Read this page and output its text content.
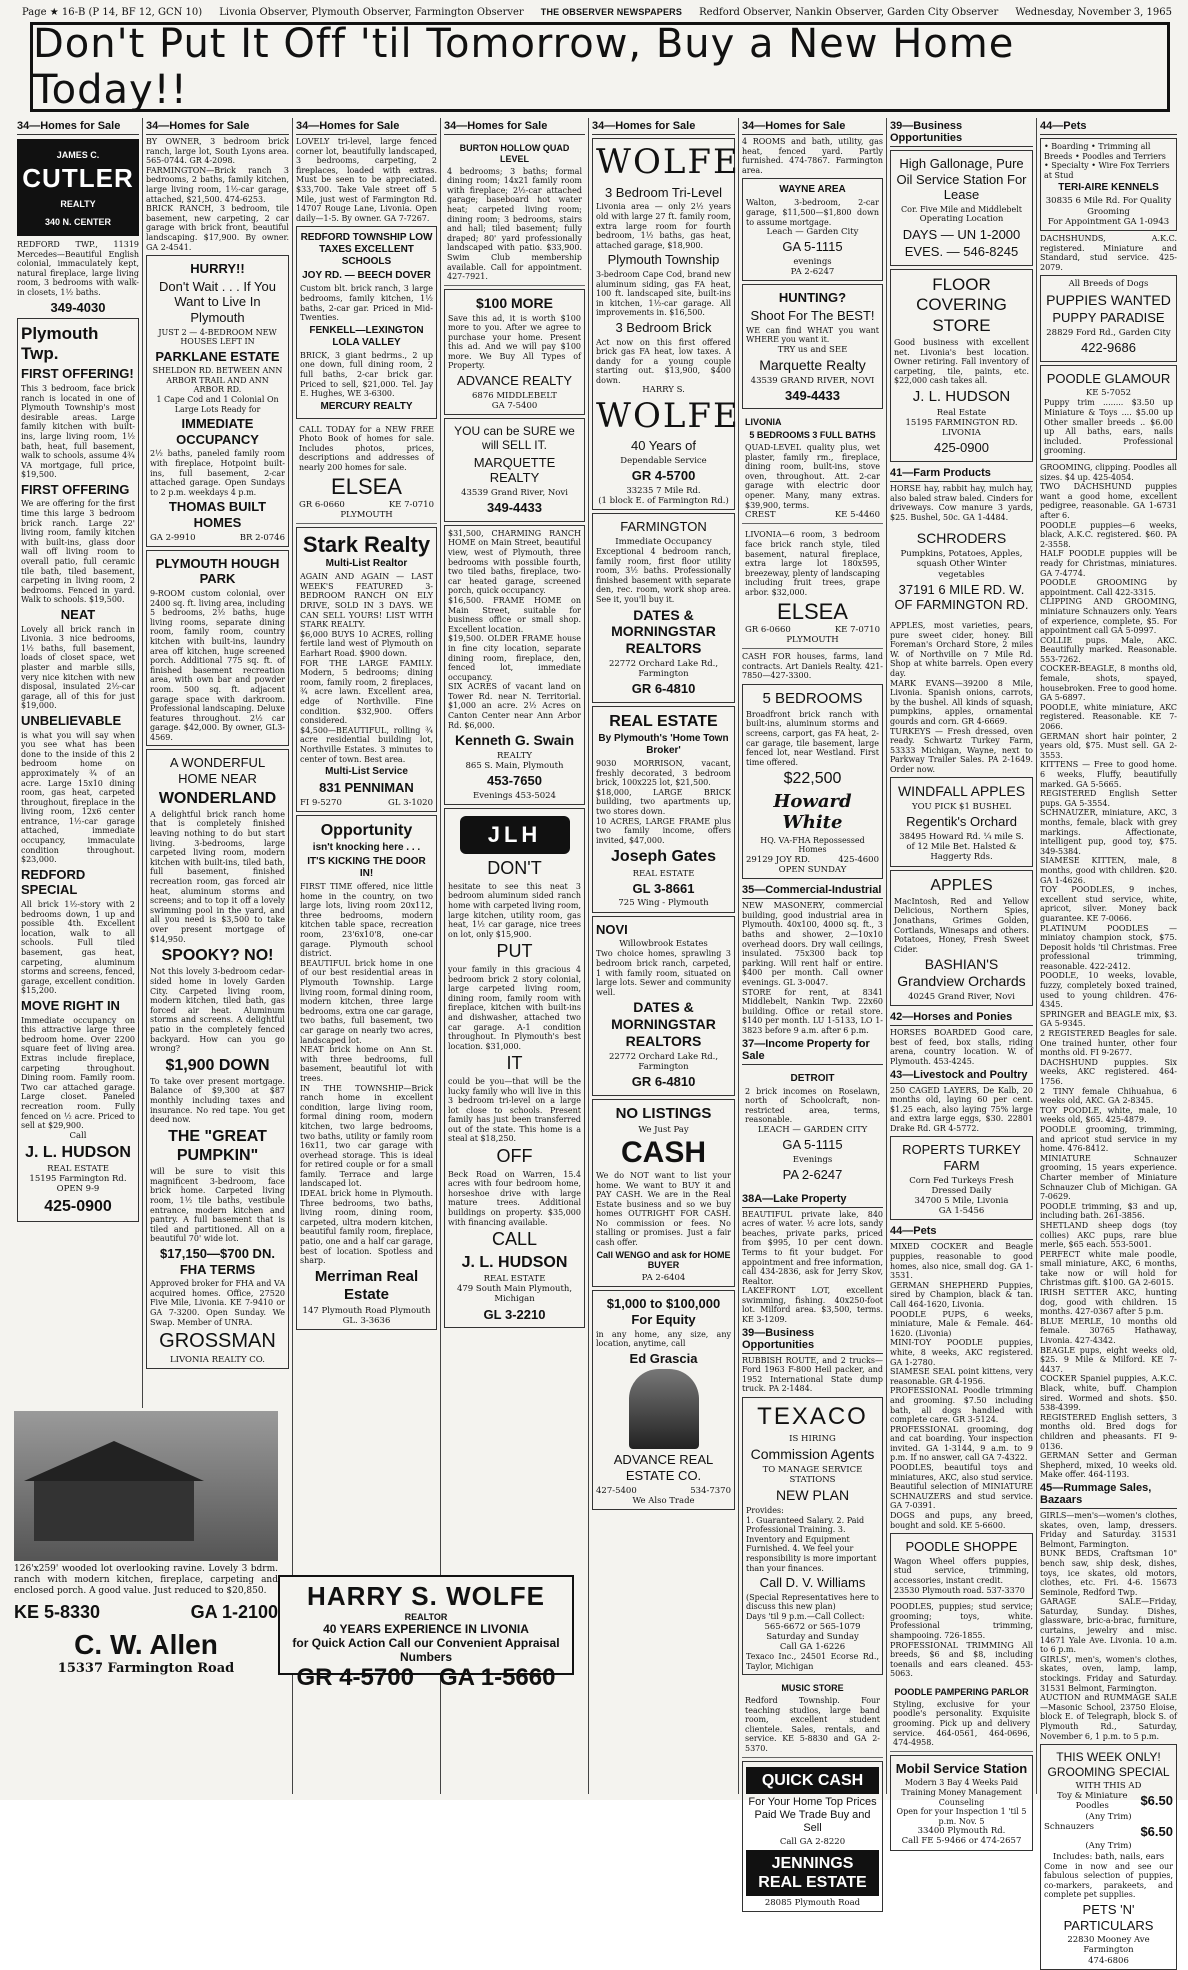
Page ★ 16-B (P 14, BF 12, GCN 10) Livonia Observer, Plymouth Observer, Farmington Observer THE OBSERVER NEWSPAPERS Redford Observer, Nankin Observer, Garden City Observer Wednesday, November 3, 1965
Don't Put It Off 'til Tomorrow, Buy a New Home Today!!
34—Homes for Sale
JAMES C.
CUTLER
REALTY
340 N. CENTER
REDFORD TWP., 11319 Mercedes—Beautiful English colonial, immaculately kept, natural fireplace, large living room, 3 bedrooms with walk-in closets, 1½ baths.
349-4030
Plymouth Twp.
FIRST OFFERING!
This 3 bedroom, face brick ranch is located in one of Plymouth Township's most desirable areas. Large family kitchen with built-ins, large living room, 1½ bath, heat, full basement, walk to schools, assume 4¾ VA mortgage, full price, $19,500.
FIRST OFFERING
We are offering for the first time this large 3 bedroom brick ranch. Large 22' living room, family kitchen with built-ins, glass door wall off living room to overall patio, full ceramic tile bath, tiled basement, carpeting in living room, 2 bedrooms. Fenced in yard. Walk to schools. $19,500.
NEAT
Lovely all brick ranch in Livonia. 3 nice bedrooms, 1½ baths, full basement, loads of closet space, wet plaster and marble sills, very nice kitchen with new disposal, insulated 2½-car garage, all of this for just $19,000.
UNBELIEVABLE
is what you will say when you see what has been done to the inside of this 2 bedroom home on approximately ¾ of an acre. Large 15x10 dining room, gas heat, carpeted throughout, fireplace in the living room, 12x6 center entrance, 1½-car garage attached, immediate occupancy, immaculate condition throughout. $23,000.
REDFORD SPECIAL
All brick 1½-story with 2 bedrooms down, 1 up and possible 4th. Excellent location, walk to all schools. Full tiled basement, gas heat, carpeting, aluminum storms and screens, fenced, garage, excellent condition. $15,200.
MOVE RIGHT IN
Immediate occupancy on this attractive large three bedroom home. Over 2200 square feet of living area. Extras include fireplace, carpeting throughout. Dining room. Family room. Two car attached garage. Large closet. Paneled recreation room. Fully fenced on ½ acre. Priced to sell at $29,900.
Call
J. L. HUDSON
REAL ESTATE
15195 Farmington Rd.
OPEN 9-9
425-0900
34—Homes for Sale
BY OWNER, 3 bedroom brick ranch, large lot, South Lyons area. 565-0744. GR 4-2098.
FARMINGTON—Brick ranch 3 bedrooms, 2 baths, family kitchen, large living room, 1½-car garage, attached, $21,500. 474-6253.
BRICK RANCH, 3 bedroom, tile basement, new carpeting, 2 car garage with brick front, beautiful landscaping. $17,900. By owner. GA 2-4541.
HURRY!!
Don't Wait . . . If You Want to Live In Plymouth
JUST 2 — 4-BEDROOM NEW HOUSES LEFT IN
PARKLANE ESTATE
SHELDON RD. BETWEEN ANN ARBOR TRAIL AND ANN ARBOR RD.
1 Cape Cod and 1 Colonial On Large Lots Ready for
IMMEDIATE OCCUPANCY
2½ baths, paneled family room with fireplace, Hotpoint built-ins, full basement, 2-car attached garage. Open Sundays to 2 p.m. weekdays 4 p.m.
THOMAS BUILT HOMES
GA 2-9910	BR 2-0746
PLYMOUTH HOUGH PARK
9-ROOM custom colonial, over 2400 sq. ft. living area, including 5 bedrooms, 2½ baths, huge living rooms, separate dining room, family room, country kitchen with built-ins, laundry area off kitchen, huge screened porch. Additional 775 sq. ft. of finished basement recreation area, with own bar and powder room. 500 sq. ft. adjacent garage space with darkroom. Professional landscaping. Deluxe features throughout. 2½ car garage. $42,000. By owner, GL3-4569.
A WONDERFUL HOME NEAR
WONDERLAND
A delightful brick ranch home that is completely finished leaving nothing to do but start living. 3-bedrooms, large carpeted living room, modern kitchen with built-ins, tiled bath, full basement, finished recreation room, gas forced air heat, aluminum storms and screens; and to top it off a lovely swimming pool in the yard, and all you need is $3,500 to take over present mortgage of $14,950.
SPOOKY? NO!
Not this lovely 3-bedroom cedar-sided home in lovely Garden City. Carpeted living room, modern kitchen, tiled bath, gas forced air heat. Aluminum storms and screens. A delightful patio in the completely fenced backyard. How can you go wrong?
$1,900 DOWN
To take over present mortgage. Balance of $9,300 at $87 monthly including taxes and insurance. No red tape. You get deed now.
THE "GREAT PUMPKIN"
will be sure to visit this magnificent 3-bedroom, face brick home. Carpeted living room, 1½ tile baths, vestibule entrance, modern kitchen and pantry. A full basement that is tiled and partitioned. All on a beautiful 70' wide lot.
$17,150—$700 DN. FHA TERMS
Approved broker for FHA and VA acquired homes. Office, 27520 Five Mile, Livonia. KE 7-9410 or GA 7-3200. Open Sunday. We Swap. Member of UNRA.
GROSSMAN
LIVONIA REALTY CO.
34—Homes for Sale
LOVELY tri-level, large fenced corner lot, beautifully landscaped, 3 bedrooms, carpeting, 2 fireplaces, loaded with extras. Must be seen to be appreciated. $33,700. Take Vale street off 5 Mile, just west of Farmington Rd. 14707 Rouge Lane, Livonia. Open daily—1-5. By owner. GA 7-7267.
REDFORD TOWNSHIP LOW TAXES EXCELLENT SCHOOLS
JOY RD. — BEECH DOVER
Custom blt. brick ranch, 3 large bedrooms, family kitchen, 1½ baths, 2-car gar. Priced in Mid-Twenties.
FENKELL—LEXINGTON LOLA VALLEY
BRICK, 3 giant bedrms., 2 up one down, full dining room, 2 full baths, 2-car brick gar. Priced to sell, $21,000. Tel. Jay E. Hughes, WE 3-6300.
MERCURY REALTY
CALL TODAY for a NEW FREE Photo Book of homes for sale. Includes photos, prices, descriptions and addresses of nearly 200 homes for sale.
ELSEA
GR 6-0660	KE 7-0710
PLYMOUTH
Stark Realty
Multi-List Realtor
AGAIN AND AGAIN — LAST WEEK'S FEATURED 3-BEDROOM RANCH ON ELY DRIVE, SOLD IN 3 DAYS. WE CAN SELL YOURS! LIST WITH STARK REALTY.
$6,000 BUYS 10 ACRES, rolling fertile land west of Plymouth on Earhart Road. $900 down.
FOR THE LARGE FAMILY. Modern, 5 bedrooms; dining room, family room, 2 fireplaces, ¾ acre lawn. Excellent area, edge of Northville. Fine condition. $32,900. Offers considered.
$4,500—BEAUTIFUL, rolling ¾ acre residential building lot, Northville Estates. 3 minutes to center of town. Best area.
Multi-List Service
831 PENNIMAN
FI 9-5270	GL 3-1020
Opportunity
isn't knocking here . . .
IT'S KICKING THE DOOR IN!
FIRST TIME offered, nice little home in the country, on two large lots, living room 20x112, three bedrooms, modern kitchen table space, recreation room, 23'6x10'8, one-car garage. Plymouth school district.
BEAUTIFUL brick home in one of our best residential areas in Plymouth Township. Large living room, formal dining room, modern kitchen, three large bedrooms, extra one car garage, two baths, full basement, two car garage on nearly two acres, landscaped lot.
NEAT brick home on Ann St. with three bedrooms, full basement, beautiful lot with trees.
IN THE TOWNSHIP—Brick ranch home in excellent condition, large living room, formal dining room, modern kitchen, two large bedrooms, two baths, utility or family room 16x11, two car garage with overhead storage. This is ideal for retired couple or for a small family. Terrace and large landscaped lot.
IDEAL brick home in Plymouth. Three bedrooms, two baths, living room, dining room, carpeted, ultra modern kitchen, beautiful family room, fireplace, patio, one and a half car garage, best of location. Spotless and sharp.
Merriman Real Estate
147 Plymouth Road Plymouth
GL. 3-3636
34—Homes for Sale
BURTON HOLLOW QUAD LEVEL
4 bedrooms; 3 baths; formal dining room; 14x21 family room with fireplace; 2½-car attached garage; baseboard hot water heat; carpeted living room; dining room; 3 bedrooms, stairs and hall; tiled basement; fully draped; 80' yard professionally landscaped with patio. $33,900. Swim Club membership available. Call for appointment. 427-7921.
$100 MORE
Save this ad, it is worth $100 more to you. After we agree to purchase your home. Present this ad. And we will pay $100 more. We Buy All Types of Property.
ADVANCE REALTY
6876 MIDDLEBELT
GA 7-5400
YOU can be SURE we will SELL IT.
MARQUETTE REALTY
43539 Grand River, Novi
349-4433
$31,500, CHARMING RANCH HOME on Main Street, beautiful view, west of Plymouth, three bedrooms with possible fourth, two tiled baths, fireplace, two-car heated garage, screened porch, quick occupancy.
$16,500. FRAME HOME on Main Street, suitable for business office or small shop. Excellent location.
$19,500. OLDER FRAME house in fine city location, separate dining room, fireplace, den, fenced lot, immediate occupancy.
SIX ACRES of vacant land on Tower Rd. near N. Territorial. $1,000 an acre. 2½ Acres on Canton Center near Ann Arbor Rd. $6,000.
Kenneth G. Swain
REALTY
865 S. Main, Plymouth
453-7650
Evenings 453-5024
JLH
DON'T
hesitate to see this neat 3 bedroom aluminum sided ranch home with carpeted living room, large kitchen, utility room, gas heat, 1½ car garage, nice trees on lot, only $15,900.
PUT
your family in this gracious 4 bedroom brick 2 story colonial, large carpeted living room, dining room, family room with fireplace, kitchen with built-ins and dishwasher, attached two car garage. A-1 condition throughout. In Plymouth's best location. $31,000.
IT
could be you—that will be the lucky family who will live in this 3 bedroom tri-level on a large lot close to schools. Present family has just been transferred out of the state. This home is a steal at $18,250.
OFF
Beck Road on Warren, 15.4 acres with four bedroom home, horseshoe drive with large mature trees. Additional buildings on property. $35,000 with financing available.
CALL
J. L. HUDSON
REAL ESTATE
479 South Main Plymouth, Michigan
GL 3-2210
34—Homes for Sale
WOLFE
3 Bedroom Tri-Level
Livonia area — only 2½ years old with large 27 ft. family room, extra large room for fourth bedroom, 1½ baths, gas heat, attached garage, $18,900.
Plymouth Township
3-bedroom Cape Cod, brand new aluminum siding, gas FA heat, 100 ft. landscaped site, built-ins in kitchen, 1½-car garage. All improvements in. $16,500.
3 Bedroom Brick
Act now on this first offered brick gas FA heat, low taxes. A dandy for a young couple starting out. $13,900, $400 down.
HARRY S.
WOLFE
40 Years of
Dependable Service
GR 4-5700
33235 7 Mile Rd.
(1 block E. of Farmington Rd.)
FARMINGTON
Immediate Occupancy
Exceptional 4 bedroom ranch, family room, first floor utility room, 3½ baths. Professionally finished basement with separate den, rec. room, work shop area. See it, you'll buy it.
DATES & MORNINGSTAR REALTORS
22772 Orchard Lake Rd., Farmington
GR 6-4810
REAL ESTATE
By Plymouth's 'Home Town Broker'
9030 MORRISON, vacant, freshly decorated, 3 bedroom brick, 100x225 lot, $21,500.
$18,000, LARGE BRICK building, two apartments up, two stores down.
10 ACRES, LARGE FRAME plus two family income, offers invited, $47,000.
Joseph Gates
REAL ESTATE
GL 3-8661
725 Wing - Plymouth
NOVI
Willowbrook Estates
Two choice homes, sprawling 3 bedroom brick ranch, carpeted, 1 with family room, situated on large lots. Sewer and community well.
DATES & MORNINGSTAR REALTORS
22772 Orchard Lake Rd., Farmington
GR 6-4810
NO LISTINGS
We Just Pay
CASH
We do NOT want to list your home. We want to BUY it and PAY CASH. We are in the Real Estate business and so we buy homes OUTRIGHT FOR CASH. No commission or fees. No stalling or promises. Just a fair cash offer.
Call WENGO and ask for HOME BUYER
PA 2-6404
$1,000 to $100,000 For Equity
in any home, any size, any location, anytime, call
Ed Grascia
ADVANCE REAL ESTATE CO.
427-5400	534-7370
We Also Trade
34—Homes for Sale
4 ROOMS and bath, utility, gas heat, fenced yard. Partly furnished. 474-7867. Farmington area.
WAYNE AREA
Walton, 3-bedroom, 2-car garage, $11,500—$1,800 down to assume mortgage.
Leach — Garden City
GA 5-1115
evenings
PA 2-6247
HUNTING?
Shoot For The BEST!
WE can find WHAT you want WHERE you want it.
TRY us and SEE
Marquette Realty
43539 GRAND RIVER, NOVI
349-4433
LIVONIA
5 BEDROOMS 3 FULL BATHS
QUAD-LEVEL quality plus, wet plaster, family rm., fireplace, dining room, built-ins, stove oven, throughout. Att. 2-car garage with electric door opener. Many, many extras. $39,900, terms.
CREST	KE 5-4460
LIVONIA—6 room, 3 bedroom face brick ranch style, tiled basement, natural fireplace, extra large lot 180x595, breezeway, plenty of landscaping including fruit trees, grape arbor. $32,000.
ELSEA
GR 6-0660	KE 7-0710
PLYMOUTH
CASH FOR houses, farms, land contracts. Art Daniels Realty. 421-7850—427-3300.
5 BEDROOMS
Broadfront brick ranch with built-ins, aluminum storms and screens, carport, gas FA heat, 2-car garage, tile basement, large fenced lot, near Westland. First time offered.
$22,500
Howard White
HQ. VA-FHA Repossessed Homes
29129 JOY RD.	425-4600
OPEN SUNDAY
35—Commercial-Industrial
NEW MASONERY, commercial building, good industrial area in Plymouth. 40x100, 4000 sq. ft., 3 baths and shower, 2—10x10 overhead doors. Dry wall ceilings, insulated. 75x300 back top parking. Will rent half or entire. $400 per month. Call owner evenings. GL 3-0047.
STORE for rent, at 8341 Middlebelt, Nankin Twp. 22x60 building. Office or retail store. $140 per month. LU 1-5133, LO 1-3823 before 9 a.m. after 6 p.m.
37—Income Property for Sale
DETROIT
2 brick incomes on Roselawn, north of Schoolcraft, non-restricted area, terms, reasonable.
LEACH — GARDEN CITY
GA 5-1115
Evenings
PA 2-6247
38A—Lake Property
BEAUTIFUL private lake, 840 acres of water. ½ acre lots, sandy beaches, private parks, priced from $995, 10 per cent down. Terms to fit your budget. For appointment and free information, call 434-2836, ask for Jerry Skov, Realtor.
LAKEFRONT LOT, excellent swimming, fishing. 40x250-foot lot. Milford area. $3,500, terms. KE 3-1209.
39—Business Opportunities
RUBBISH ROUTE, and 2 trucks—Ford 1963 F-800 Heil packer, and 1952 International State dump truck. PA 2-1484.
TEXACO
IS HIRING
Commission Agents
TO MANAGE SERVICE STATIONS
NEW PLAN
Provides:
1. Guaranteed Salary. 2. Paid Professional Training. 3. Inventory and Equipment Furnished. 4. We feel your responsibility is more important than your finances.
Call D. V. Williams
(Special Representatives here to discuss this new plan)
Days 'til 9 p.m.—Call Collect:
565-6672 or 565-1079
Saturday and Sunday
Call GA 1-6226
Texaco Inc., 24501 Ecorse Rd., Taylor, Michigan
MUSIC STORE
Redford Township. Four teaching studios, large band room, excellent student clientele. Sales, rentals, and service. KE 5-8830 and GA 2-5370.
QUICK CASH
For Your Home Top Prices Paid We Trade Buy and Sell
Call GA 2-8220
JENNINGS REAL ESTATE
28085 Plymouth Road
39—Business Opportunities
High Gallonage, Pure Oil Service Station For Lease
Cor. Five Mile and Middlebelt
Operating Location
DAYS — UN 1-2000
EVES. — 546-8245
FLOOR COVERING STORE
Good business with excellent net. Livonia's best location. Owner retiring. Fall inventory of carpeting, tile, paints, etc. $22,000 cash takes all.
J. L. HUDSON
Real Estate
15195 FARMINGTON RD. LIVONIA
425-0900
41—Farm Products
HORSE hay, rabbit hay, mulch hay, also baled straw baled. Cinders for driveways. Cow manure 3 yards, $25. Bushel, 50c. GA 1-4484.
SCHRODERS
Pumpkins, Potatoes, Apples, squash Other Winter vegetables
37191 6 MILE RD. W. OF FARMINGTON RD.
APPLES, most varieties, pears, pure sweet cider, honey. Bill Foreman's Orchard Store, 2 miles W. of Northville on 7 Mile Rd. Shop at white barrels. Open every day.
MARK EVANS—39200 8 Mile, Livonia. Spanish onions, carrots, by the bushel. All kinds of squash, pumpkins, apples, ornamental gourds and corn. GR 4-6669.
TURKEYS — Fresh dressed, oven ready. Schwartz Turkey Farm, 53333 Michigan, Wayne, next to Parkway Trailer Sales. PA 2-1649. Order now.
WINDFALL APPLES
YOU PICK $1 BUSHEL
Regentik's Orchard
38495 Howard Rd. ¼ mile S. of 12 Mile Bet. Halsted & Haggerty Rds.
APPLES
MacIntosh, Red and Yellow Delicious, Northern Spies, Jonathans, Grimes Golden, Cortlands, Winesaps and others. Potatoes, Honey, Fresh Sweet Cider.
BASHIAN'S Grandview Orchards
40245 Grand River, Novi
42—Horses and Ponies
HORSES BOARDED Good care, best of feed, box stalls, riding arena, country location. W. of Plymouth. 453-4245.
43—Livestock and Poultry
250 CAGED LAYERS, De Kalb, 20 months old, laying 60 per cent. $1.25 each, also laying 75% large and extra large eggs, $30. 22801 Drake Rd. GR 4-5772.
ROPERTS TURKEY FARM
Corn Fed Turkeys Fresh Dressed Daily
34700 5 Mile, Livonia
GA 1-5456
44—Pets
MIXED COCKER and Beagle puppies, reasonable to good homes, also nice, small dog. GA 1-3531.
GERMAN SHEPHERD Puppies, sired by Champion, black & tan. Call 464-1620, Livonia.
POODLE PUPS, 6 weeks, miniature, Male & Female. 464-1620. (Livonia)
MINI-TOY POODLE puppies, white, 8 weeks, AKC registered. GA 1-2780.
SIAMESE SEAL point kittens, very reasonable. GR 4-1956.
PROFESSIONAL Poodle trimming and grooming. $7.50 including bath, all dogs handled with complete care. GR 3-5124.
PROFESSIONAL grooming, dog and cat boarding. Your inspection invited. GA 1-3144, 9 a.m. to 9 p.m. If no answer, call GA 7-4322.
POODLES, beautiful toys and miniatures, AKC, also stud service. Beautiful selection of MINIATURE SCHNAUZERS and stud service. GA 7-0391.
DOGS and pups, any breed, bought and sold. KE 5-6600.
POODLE SHOPPE
Wagon Wheel offers puppies, stud service, trimming, accessories, instant credit.
23530 Plymouth road. 537-3370
POODLES, puppies; stud service; grooming; toys, white. Professional trimming, shampooing. 726-1855.
PROFESSIONAL TRIMMING All breeds, $6 and $8, including toenails and ears cleaned. 453-5063.
POODLE PAMPERING PARLOR
Styling, exclusive for your poodle's personality. Exquisite grooming. Pick up and delivery service. 464-0561, 464-0696, 474-4958.
Mobil Service Station
Modern 3 Bay 4 Weeks Paid Training Money Management Counseling
Open for your Inspection 1 'til 5 p.m. Nov. 5
33400 Plymouth Rd.
Call FE 5-9466 or 474-2657
44—Pets
• Boarding • Trimming all Breeds • Poodles and Terriers • Specialty • Wire Fox Terriers at Stud
TERI-AIRE KENNELS
30835 6 Mile Rd. For Quality Grooming
For Appointment GA 1-0943
DACHSHUNDS, A.K.C. registered. Miniature and Standard, stud service. 425-2079.
All Breeds of Dogs
PUPPIES WANTED
PUPPY PARADISE
28829 Ford Rd., Garden City
422-9686
POODLE GLAMOUR
KE 5-7052
Puppy trim ........ $3.50 up Miniature & Toys .... $5.00 up Other smaller breeds .. $6.00 up All baths, ears, nails included. Professional grooming.
GROOMING, clipping. Poodles all sizes. $4 up. 425-4054.
TWO DACHSHUND puppies want a good home, excellent pedigree, reasonable. GA 1-6731 after 6.
POODLE puppies—6 weeks, black, A.K.C. registered. $60. PA 2-3558.
HALF POODLE puppies will be ready for Christmas, miniatures. GA 7-4774.
POODLE GROOMING by appointment. Call 422-3315.
CLIPPING AND GROOMING, miniature Schnauzers only. Years of experience, complete, $5. For appointment call GA 5-0997.
COLLIE pups. Male, AKC. Beautifully marked. Reasonable. 553-7262.
COCKER-BEAGLE, 8 months old, female, shots, spayed, housebroken. Free to good home. GA 5-6897.
POODLE, white miniature, AKC registered. Reasonable. KE 7-2066.
GERMAN short hair pointer, 2 years old, $75. Must sell. GA 2-3553.
KITTENS — Free to good home. 6 weeks, Fluffy, beautifully marked. GA 5-5665.
REGISTERED English Setter pups. GA 5-3554.
SCHNAUZER, miniature, AKC, 3 months, female, black with grey markings. Affectionate, intelligent pup, good toy, $75. 349-5384.
SIAMESE KITTEN, male, 8 months, good with children. $20. GA 1-4626.
TOY POODLES, 9 inches, excellent stud service, white, apricot, silver. Money back guarantee. KE 7-0066.
PLATINUM POODLES — miniatoy champion stock, $75. Deposit holds 'til Christmas. Free professional trimming, reasonable. 422-2412.
POODLE, 10 weeks, lovable, fuzzy, completely boxed trained, used to young children. 476-4345.
SPRINGER and BEAGLE mix, $3. GA 5-9345.
2 REGISTERED Beagles for sale. One trained hunter, other four months old. FI 9-2677.
DACHSHUND puppies. Six weeks, AKC registered. 464-1756.
2 TINY female Chihuahua, 6 weeks old, AKC. GA 2-8345.
TOY POODLE, white, male, 10 weeks old, $65. 425-4879.
POODLE grooming, trimming, and apricot stud service in my home. 476-8412.
MINIATURE Schnauzer grooming, 15 years experience. Charter member of Miniature Schnauzer Club of Michigan. GA 7-0629.
POODLE trimming, $3 and up, including bath. 261-3856.
SHETLAND sheep dogs (toy collies) AKC pups, rare blue merle, $65 each. 553-5001.
PERFECT white male poodle, small miniature, AKC, 6 months, take now or will hold for Christmas gift. $100. GA 2-6015.
IRISH SETTER AKC, hunting dog, good with children. 15 months. 427-0367 after 5 p.m.
BLUE MERLE, 10 months old female. 30765 Hathaway, Livonia. 427-4342.
BEAGLE pups, eight weeks old, $25. 9 Mile & Milford. KE 7-4437.
COCKER Spaniel puppies, A.K.C. Black, white, buff. Champion sired. Wormed and shots. $50. 538-4399.
REGISTERED English setters, 3 months old. Bred dogs for children and pheasants. FI 9-0136.
GERMAN Setter and German Shepherd, mixed, 10 weeks old. Make offer. 464-1193.
45—Rummage Sales, Bazaars
GIRLS—men's—women's clothes, skates, oven, lamp, dressers. Friday and Saturday. 31531 Belmont, Farmington.
BUNK BEDS, Craftsman 10" bench saw, ship desk, dishes, toys, ice skates, old motors, clothes, etc. Fri. 4-6. 15673 Seminole, Redford Twp.
GARAGE SALE—Friday, Saturday, Sunday. Dishes, glassware, bric-a-brac, furniture, curtains, jewelry and misc. 14671 Yale Ave. Livonia. 10 a.m. to 6 p.m.
GIRLS', men's, women's clothes, skates, oven, lamp, lamp, stockings. Friday and Saturday. 31531 Belmont, Farmington.
AUCTION and RUMMAGE SALE—Masonic School, 23750 Eloise, block E. of Telegraph, block S. of Plymouth Rd., Saturday, November 6, 1 p.m. to 5 p.m.
THIS WEEK ONLY! GROOMING SPECIAL
WITH THIS AD
Toy & Miniature Poodles	$6.50
(Any Trim)
Schnauzers	$6.50
(Any Trim)
Includes: bath, nails, ears
Come in now and see our fabulous selection of puppies, co-markers, parakeets, and complete pet supplies.
PETS 'N' PARTICULARS
22830 Mooney Ave Farmington
474-6806
126'x259' wooded lot overlooking ravine. Lovely 3 bdrm. ranch with modern kitchen, fireplace, carpeting and enclosed porch. A good value. Just reduced to $20,850.
KE 5-8330	GA 1-2100
C. W. Allen
15337 Farmington Road
HARRY S. WOLFE
REALTOR
40 YEARS EXPERIENCE IN LIVONIA
for Quick Action Call our Convenient Appraisal Numbers
GR 4-5700 GA 1-5660
